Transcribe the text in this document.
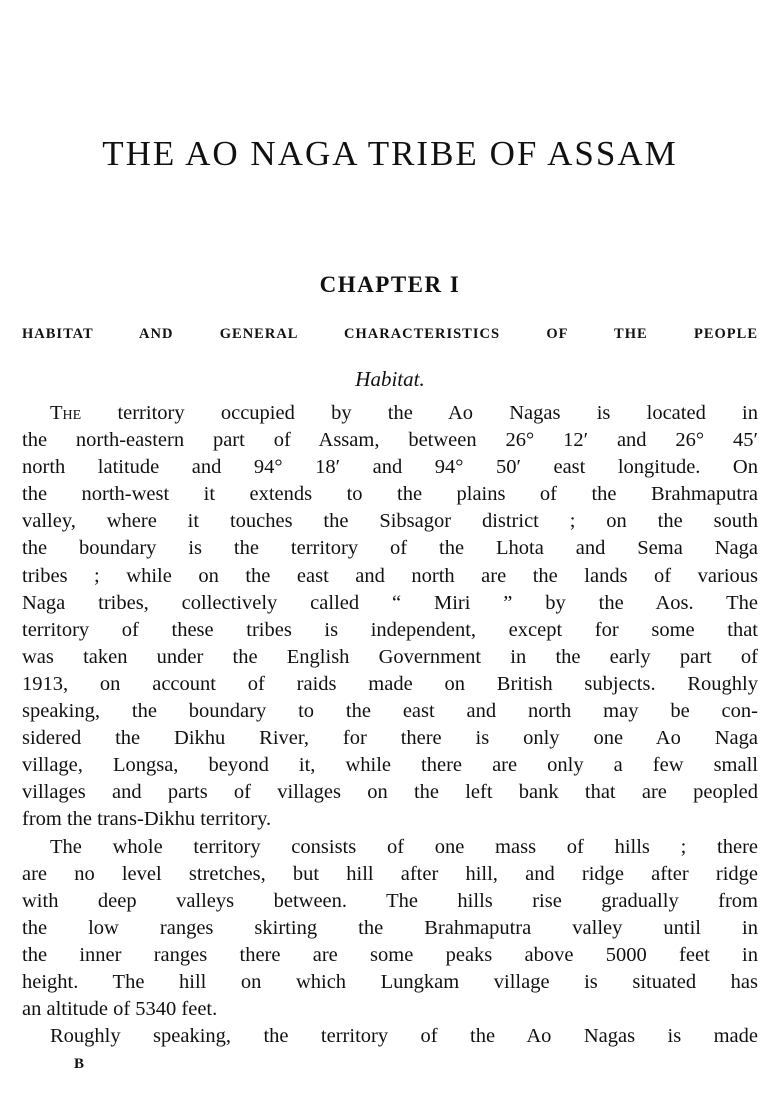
THE AO NAGA TRIBE OF ASSAM
CHAPTER I
HABITAT AND GENERAL CHARACTERISTICS OF THE PEOPLE
Habitat.
The territory occupied by the Ao Nagas is located in
the north-eastern part of Assam, between 26° 12′ and 26° 45′
north latitude and 94° 18′ and 94° 50′ east longitude. On
the north-west it extends to the plains of the Brahmaputra
valley, where it touches the Sibsagor district ; on the south
the boundary is the territory of the Lhota and Sema Naga
tribes ; while on the east and north are the lands of various
Naga tribes, collectively called “ Miri ” by the Aos. The
territory of these tribes is independent, except for some that
was taken under the English Government in the early part of
1913, on account of raids made on British subjects. Roughly
speaking, the boundary to the east and north may be con-
sidered the Dikhu River, for there is only one Ao Naga
village, Longsa, beyond it, while there are only a few small
villages and parts of villages on the left bank that are peopled
from the trans-Dikhu territory.
The whole territory consists of one mass of hills ; there
are no level stretches, but hill after hill, and ridge after ridge
with deep valleys between. The hills rise gradually from
the low ranges skirting the Brahmaputra valley until in
the inner ranges there are some peaks above 5000 feet in
height. The hill on which Lungkam village is situated has
an altitude of 5340 feet.
Roughly speaking, the territory of the Ao Nagas is made
B
